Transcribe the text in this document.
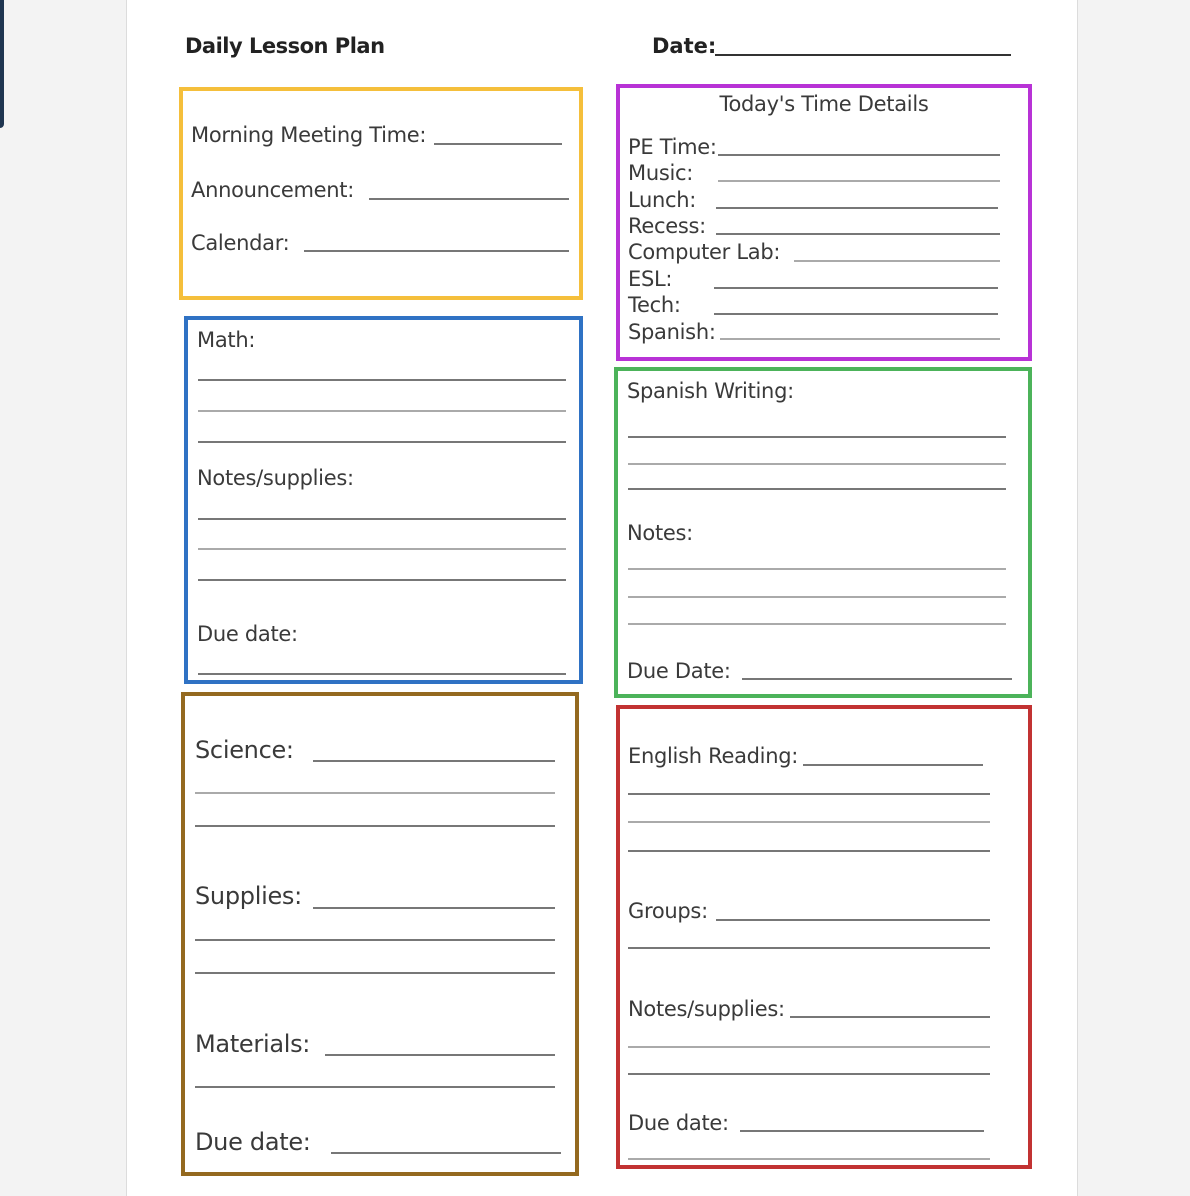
Daily Lesson Plan	Date:
Morning Meeting Time:
Announcement:
Calendar:
Today's Time Details
PE Time:
Music:
Lunch:
Recess:
Computer Lab:
ESL:
Tech:
Spanish:
Math:
Notes/supplies:
Due date:
Spanish Writing:
Notes:
Due Date:
Science:
Supplies:
Materials:
Due date:
English Reading:
Groups:
Notes/supplies:
Due date:
